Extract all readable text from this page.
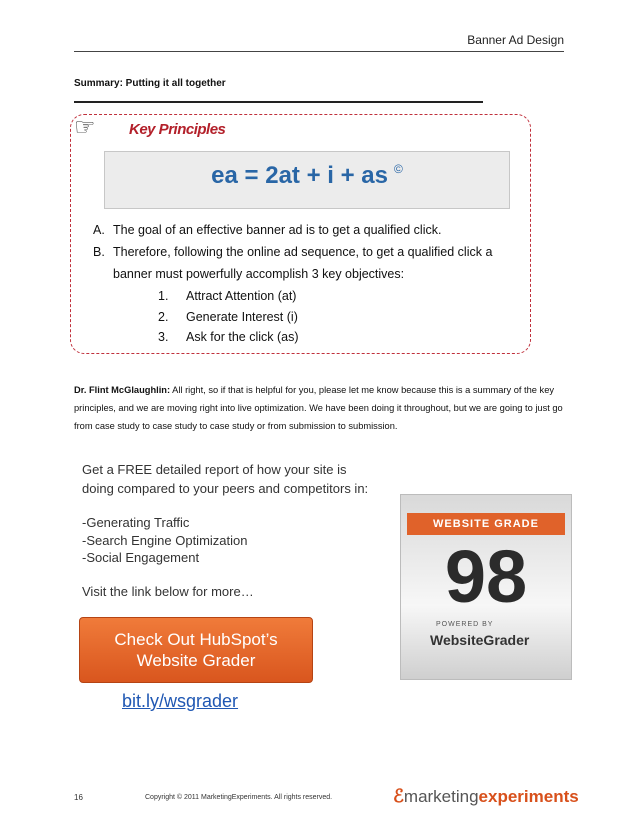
Banner Ad Design
Summary: Putting it all together
☞ Key Principles
ea = 2at + i + as ©
A. The goal of an effective banner ad is to get a qualified click.
B. Therefore, following the online ad sequence, to get a qualified click a
banner must powerfully accomplish 3 key objectives:
1. Attract Attention (at)
2. Generate Interest (i)
3. Ask for the click (as)
Dr. Flint McGlaughlin: All right, so if that is helpful for you, please let me know because this is a summary of the key principles, and we are moving right into live optimization. We have been doing it throughout, but we are going to just go from case study to case study to case study or from submission to submission.
Get a FREE detailed report of how your site is
doing compared to your peers and competitors in:
-Generating Traffic
-Search Engine Optimization
-Social Engagement
Visit the link below for more…
WEBSITE GRADE
98
POWERED BY
WebsiteGrader
Check Out HubSpot’s
Website Grader
bit.ly/wsgrader
16	Copyright © 2011 MarketingExperiments. All rights reserved.	ℰmarketingexperiments
